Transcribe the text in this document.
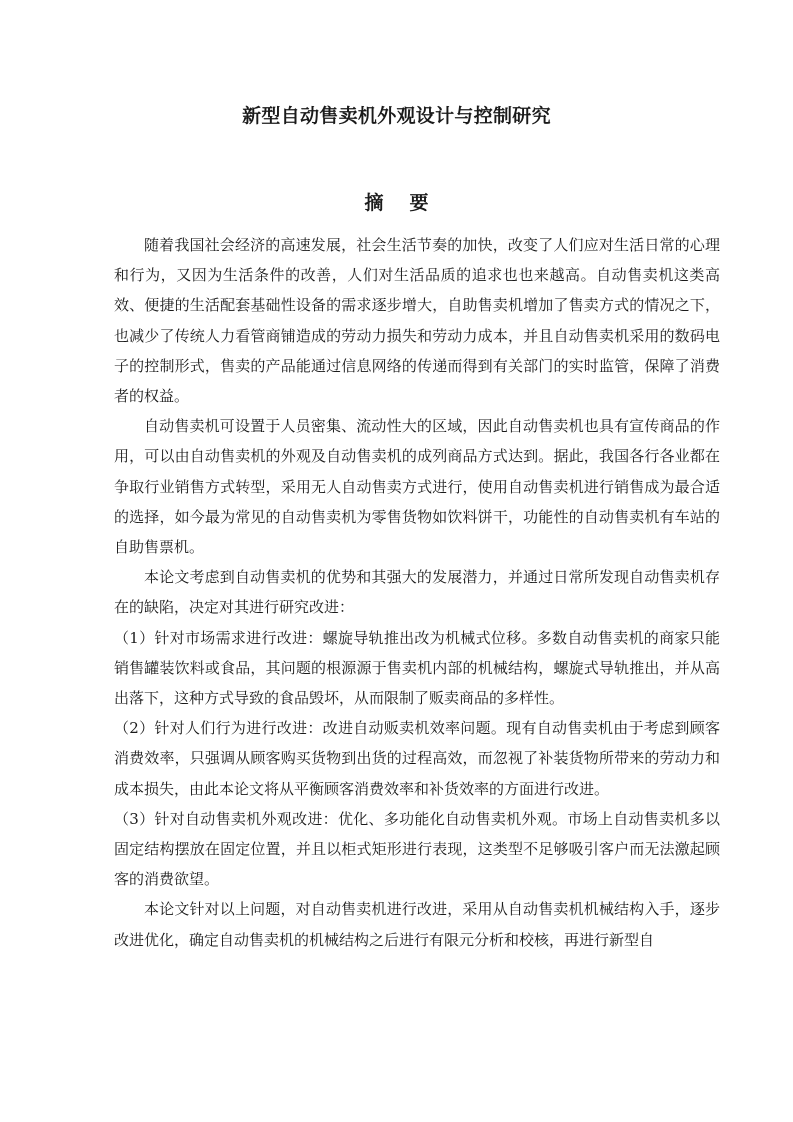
新型自动售卖机外观设计与控制研究
摘要

随着我国社会经济的高速发展，社会生活节奏的加快，改变了人们应对生活日常的心理和行为，又因为生活条件的改善，人们对生活品质的追求也也来越高。自动售卖机这类高效、便捷的生活配套基础性设备的需求逐步增大，自助售卖机增加了售卖方式的情况之下，也减少了传统人力看管商铺造成的劳动力损失和劳动力成本，并且自动售卖机采用的数码电子的控制形式，售卖的产品能通过信息网络的传递而得到有关部门的实时监管，保障了消费者的权益。

自动售卖机可设置于人员密集、流动性大的区域，因此自动售卖机也具有宣传商品的作用，可以由自动售卖机的外观及自动售卖机的成列商品方式达到。据此，我国各行各业都在争取行业销售方式转型，采用无人自动售卖方式进行，使用自动售卖机进行销售成为最合适的选择，如今最为常见的自动售卖机为零售货物如饮料饼干，功能性的自动售卖机有车站的自助售票机。

本论文考虑到自动售卖机的优势和其强大的发展潜力，并通过日常所发现自动售卖机存在的缺陷，决定对其进行研究改进：

（1）针对市场需求进行改进：螺旋导轨推出改为机械式位移。多数自动售卖机的商家只能销售罐装饮料或食品，其问题的根源源于售卖机内部的机械结构，螺旋式导轨推出，并从高出落下，这种方式导致的食品毁坏，从而限制了贩卖商品的多样性。

（2）针对人们行为进行改进：改进自动贩卖机效率问题。现有自动售卖机由于考虑到顾客消费效率，只强调从顾客购买货物到出货的过程高效，而忽视了补装货物所带来的劳动力和成本损失，由此本论文将从平衡顾客消费效率和补货效率的方面进行改进。

（3）针对自动售卖机外观改进：优化、多功能化自动售卖机外观。市场上自动售卖机多以固定结构摆放在固定位置，并且以柜式矩形进行表现，这类型不足够吸引客户而无法激起顾客的消费欲望。

本论文针对以上问题，对自动售卖机进行改进，采用从自动售卖机机械结构入手，逐步改进优化，确定自动售卖机的机械结构之后进行有限元分析和校核，再进行新型自
